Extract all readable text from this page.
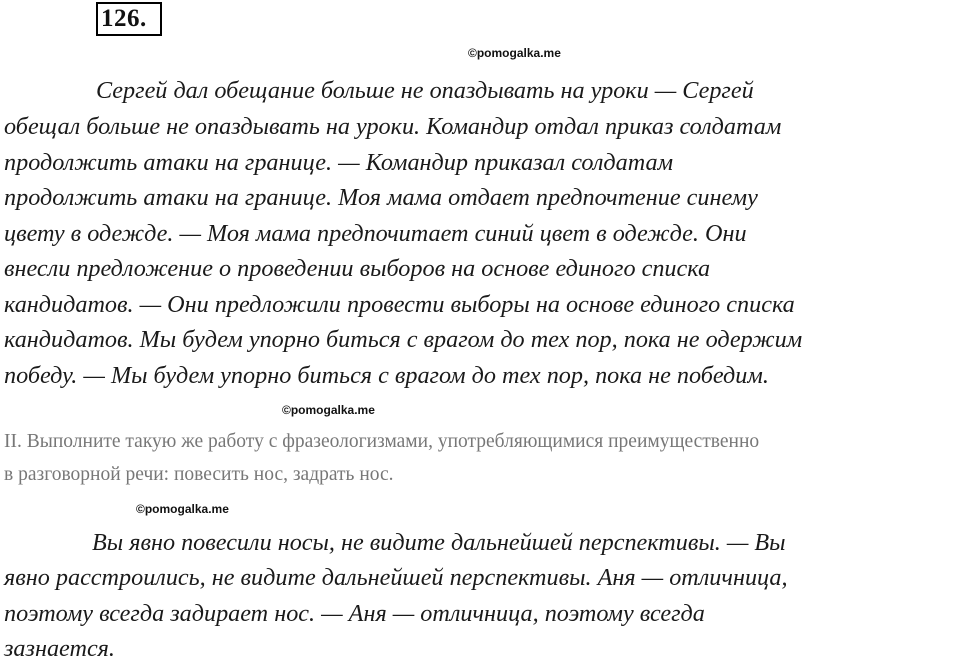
126.
©pomogalka.me

Сергей дал обещание больше не опаздывать на уроки — Сергей

обещал больше не опаздывать на уроки. Командир отдал приказ солдатам

продолжить атаки на границе. — Командир приказал солдатам

продолжить атаки на границе. Моя мама отдает предпочтение синему

цвету в одежде. — Моя мама предпочитает синий цвет в одежде. Они

внесли предложение о проведении выборов на основе единого списка

кандидатов. — Они предложили провести выборы на основе единого списка

кандидатов. Мы будем упорно биться с врагом до тех пор, пока не одержим

победу. — Мы будем упорно биться с врагом до тех пор, пока не победим.

©pomogalka.me

II. Выполните такую же работу с фразеологизмами, употребляющимися преимущественно

в разговорной речи: повесить нос, задрать нос.

©pomogalka.me

Вы явно повесили носы, не видите дальнейшей перспективы. — Вы

явно расстроились, не видите дальнейшей перспективы. Аня — отличница,

поэтому всегда задирает нос. — Аня — отличница, поэтому всегда

зазнается.
